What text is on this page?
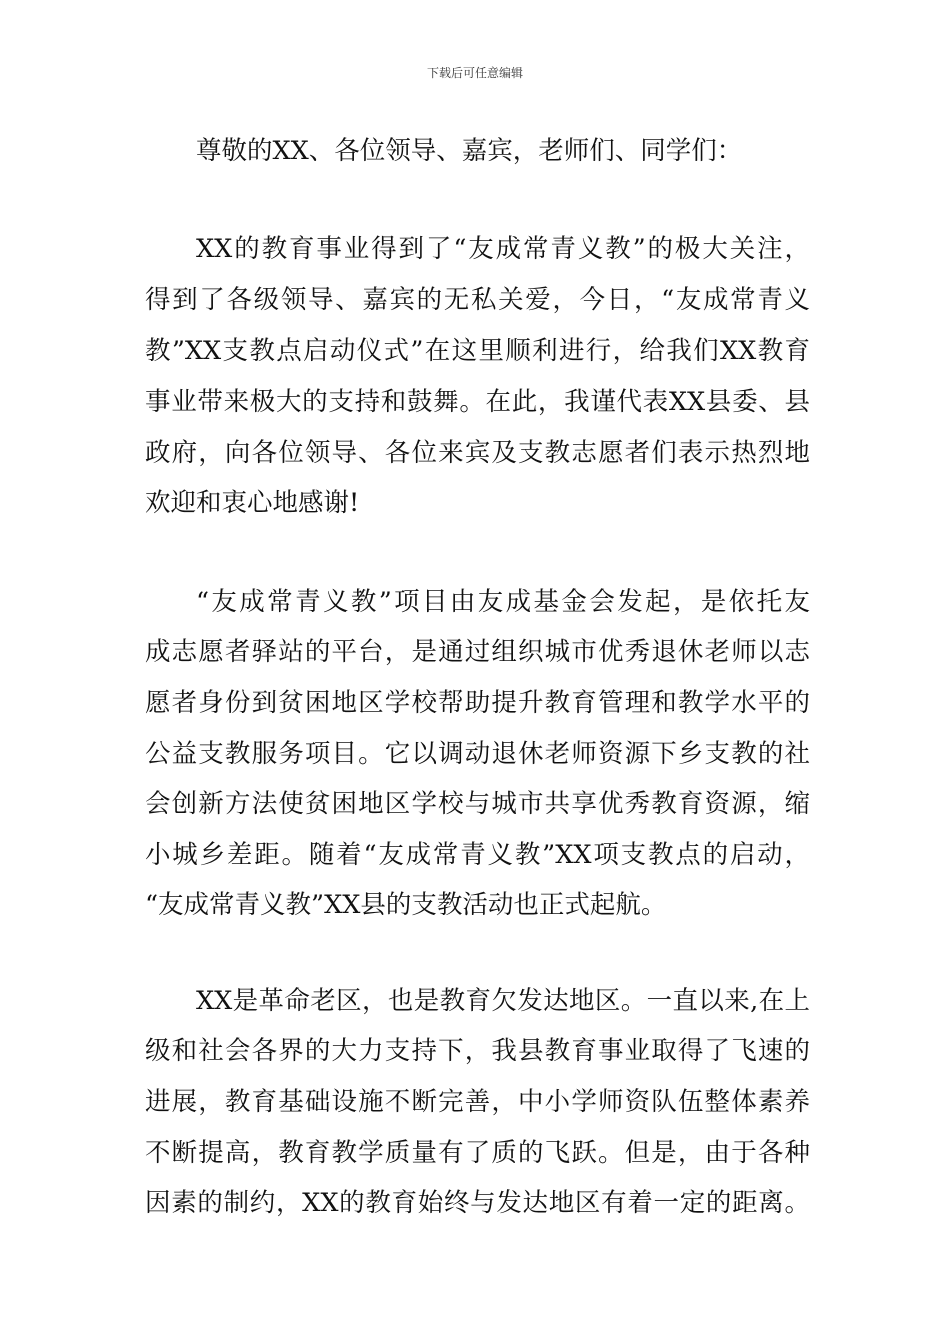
下载后可任意编辑
尊敬的XX、各位领导、嘉宾，老师们、同学们：
XX的教育事业得到了“友成常青义教”的极大关注，
得到了各级领导、嘉宾的无私关爱，今日，“友成常青义
教”XX支教点启动仪式”在这里顺利进行，给我们XX教育
事业带来极大的支持和鼓舞。在此，我谨代表XX县委、县
政府，向各位领导、各位来宾及支教志愿者们表示热烈地
欢迎和衷心地感谢!
“友成常青义教”项目由友成基金会发起，是依托友
成志愿者驿站的平台，是通过组织城市优秀退休老师以志
愿者身份到贫困地区学校帮助提升教育管理和教学水平的
公益支教服务项目。它以调动退休老师资源下乡支教的社
会创新方法使贫困地区学校与城市共享优秀教育资源，缩
小城乡差距。随着“友成常青义教”XX项支教点的启动，
“友成常青义教”XX县的支教活动也正式起航。
XX是革命老区，也是教育欠发达地区。一直以来,在上
级和社会各界的大力支持下，我县教育事业取得了飞速的
进展，教育基础设施不断完善，中小学师资队伍整体素养
不断提高，教育教学质量有了质的飞跃。但是，由于各种
因素的制约，XX的教育始终与发达地区有着一定的距离。
